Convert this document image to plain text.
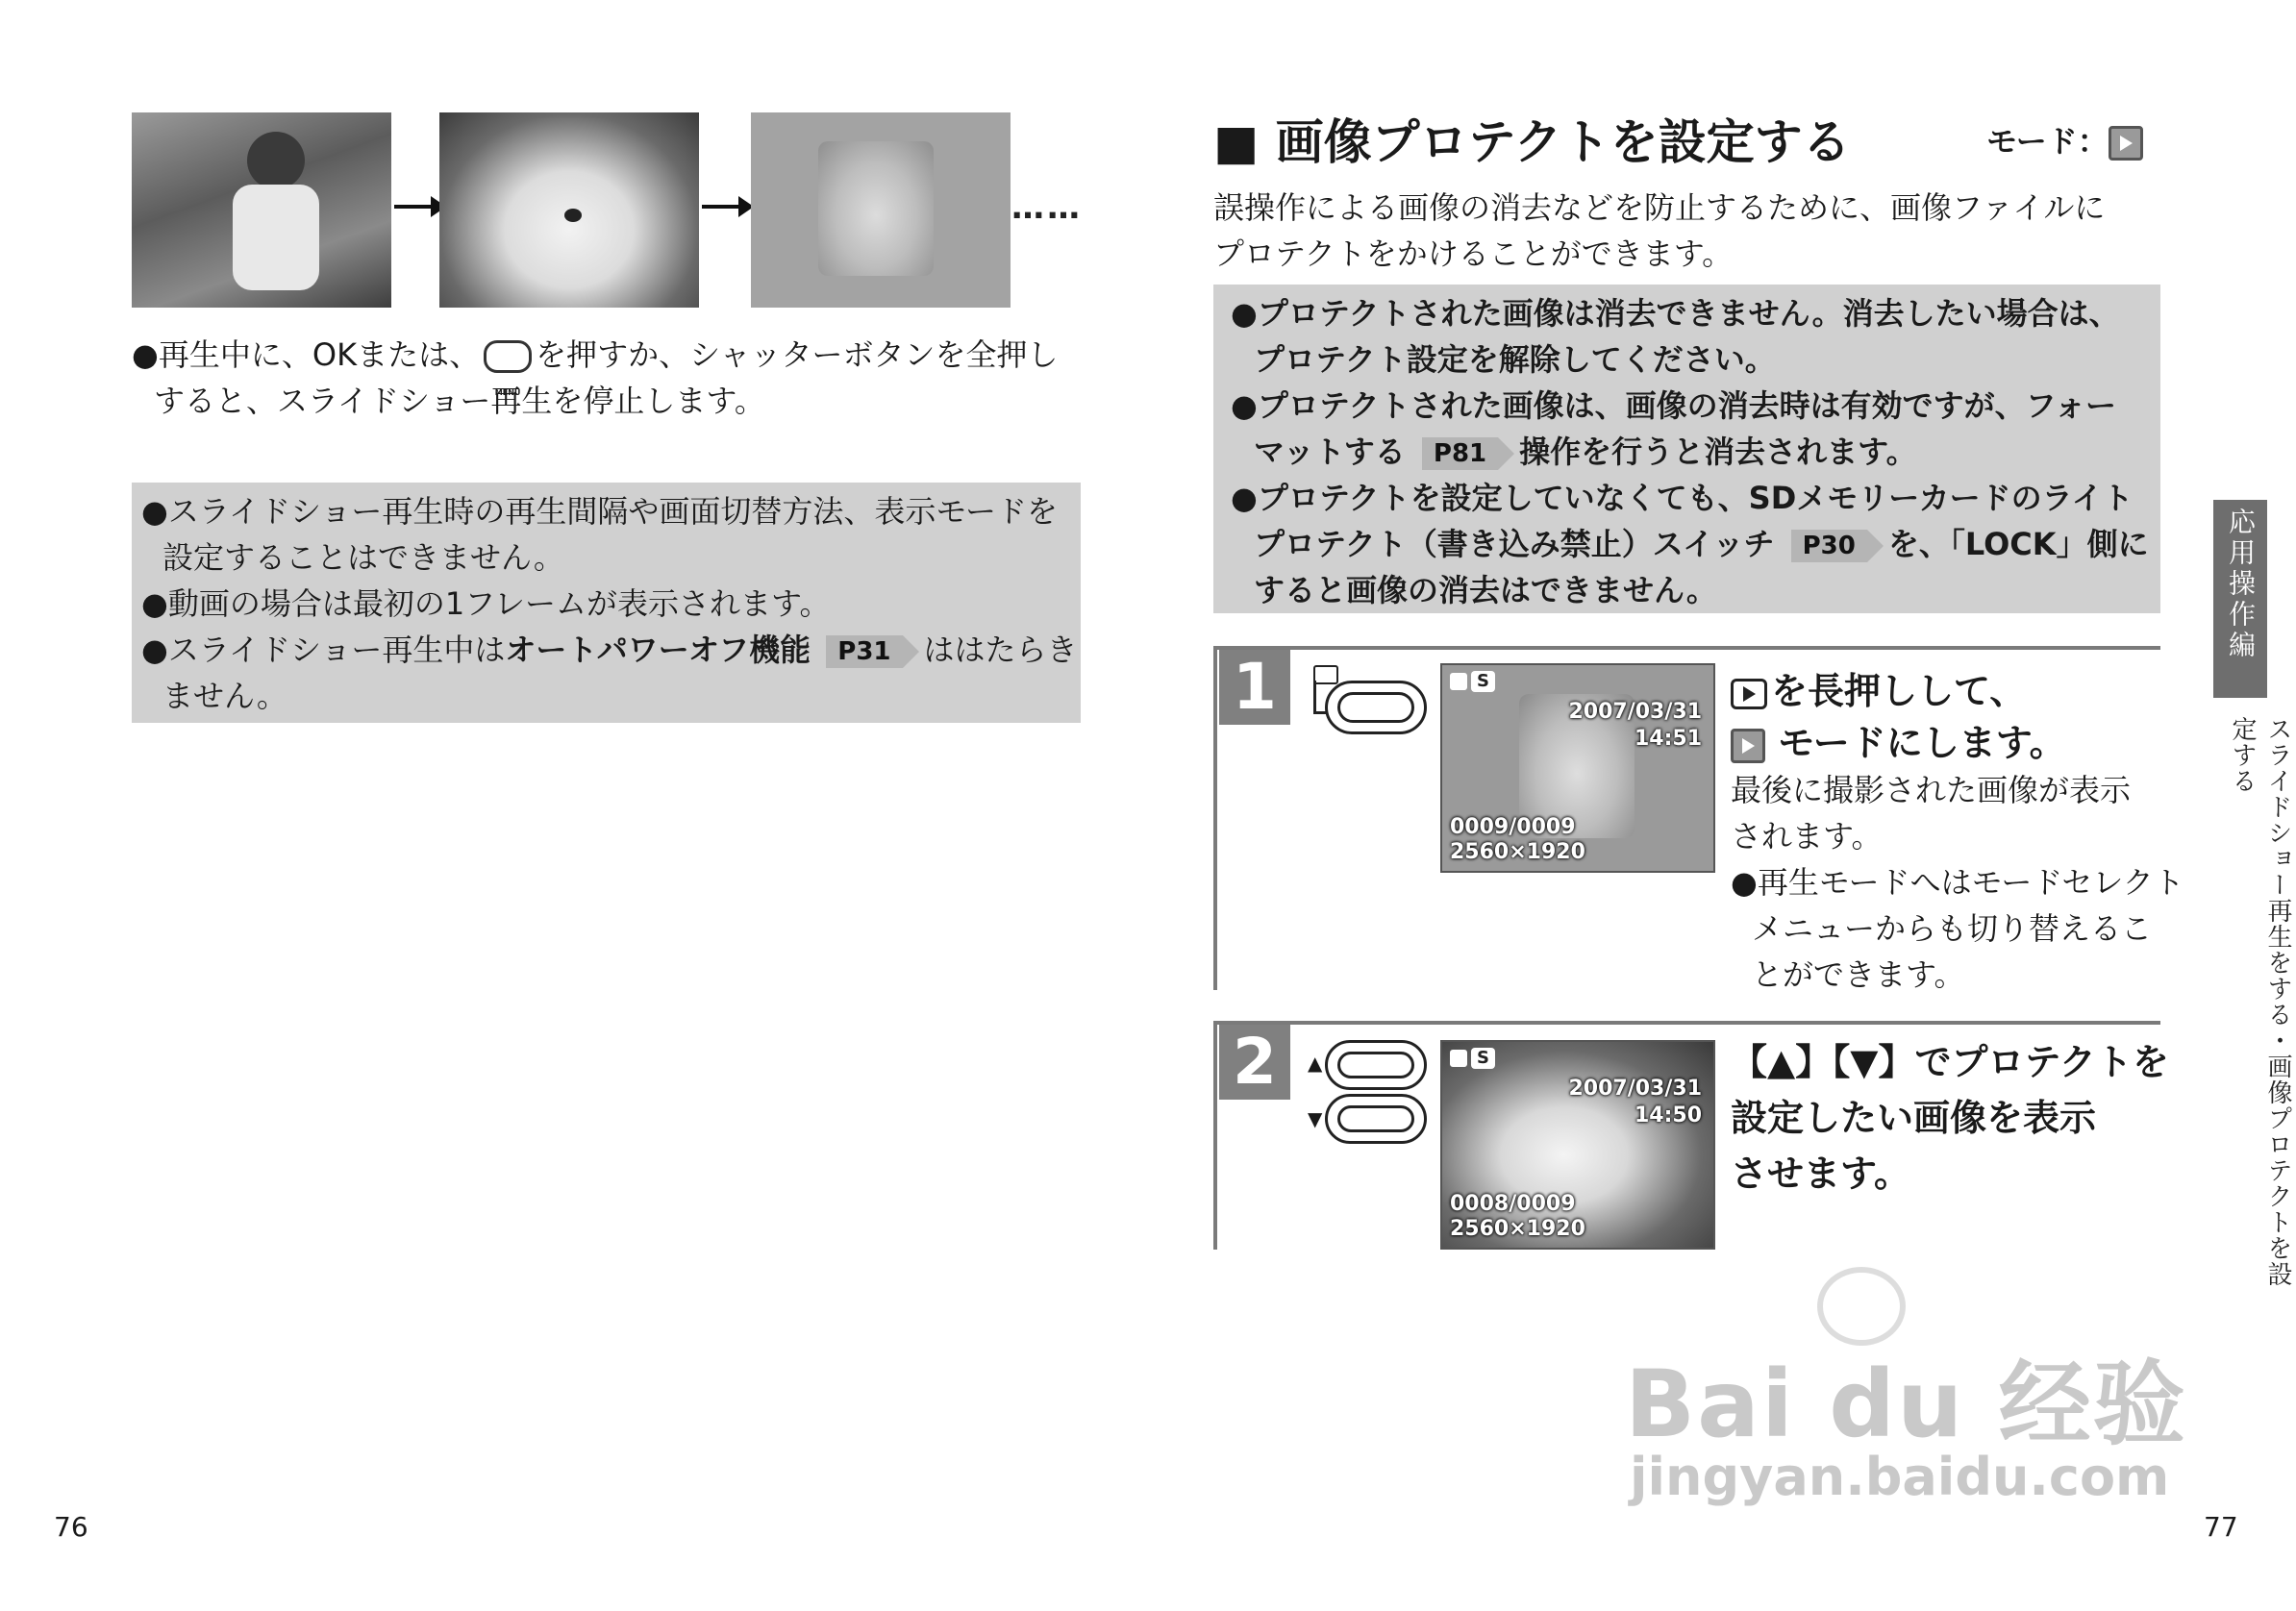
……
●再生中に、OKまたは、MENU を押すか、シャッターボタンを全押し
すると、スライドショー再生を停止します。
●スライドショー再生時の再生間隔や画面切替方法、表示モードを
設定することはできません。
●動画の場合は最初の1フレームが表示されます。
●スライドショー再生中はオートパワーオフ機能 P31 ははたらき
ません。
76
■ 画像プロテクトを設定する	モード：
誤操作による画像の消去などを防止するために、画像ファイルに
プロテクトをかけることができます。
●プロテクトされた画像は消去できません。消去したい場合は、
プロテクト設定を解除してください。
●プロテクトされた画像は、画像の消去時は有効ですが、フォー
マットする P81 操作を行うと消去されます。
●プロテクトを設定していなくても、SDメモリーカードのライト
プロテクト（書き込み禁止）スイッチ P30 を、「LOCK」側に
すると画像の消去はできません。
1	S
2007/03/31
14:51
0009/0009
2560×1920
を長押しして、
モードにします。
最後に撮影された画像が表示
されます。
●再生モードへはモードセレクト
メニューからも切り替えるこ
とができます。
2	▲
▼
S
2007/03/31
14:50
0008/0009
2560×1920
【▲】【▼】でプロテクトを
設定したい画像を表示
させます。
応用操作編
スライドショー再生をする・画像プロテクトを設定する
77
Bai du 经验
jingyan.baidu.com
